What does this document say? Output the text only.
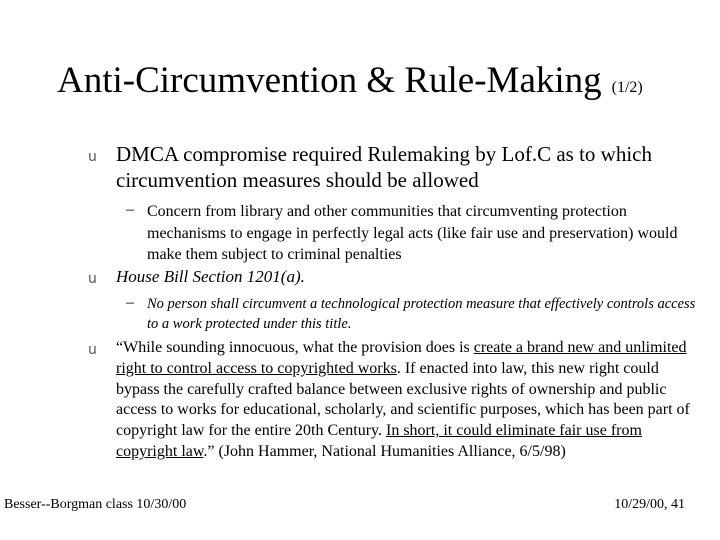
Anti-Circumvention & Rule-Making (1/2)
u DMCA compromise required Rulemaking by Lof.C as to which circumvention measures should be allowed
– Concern from library and other communities that circumventing protection mechanisms to engage in perfectly legal acts (like fair use and preservation) would make them subject to criminal penalties
u House Bill Section 1201(a).
– No person shall circumvent a technological protection measure that effectively controls access to a work protected under this title.
u “While sounding innocuous, what the provision does is create a brand new and unlimited right to control access to copyrighted works. If enacted into law, this new right could bypass the carefully crafted balance between exclusive rights of ownership and public access to works for educational, scholarly, and scientific purposes, which has been part of copyright law for the entire 20th Century. In short, it could eliminate fair use from copyright law.” (John Hammer, National Humanities Alliance, 6/5/98)
Besser--Borgman class 10/30/00	10/29/00, 41
